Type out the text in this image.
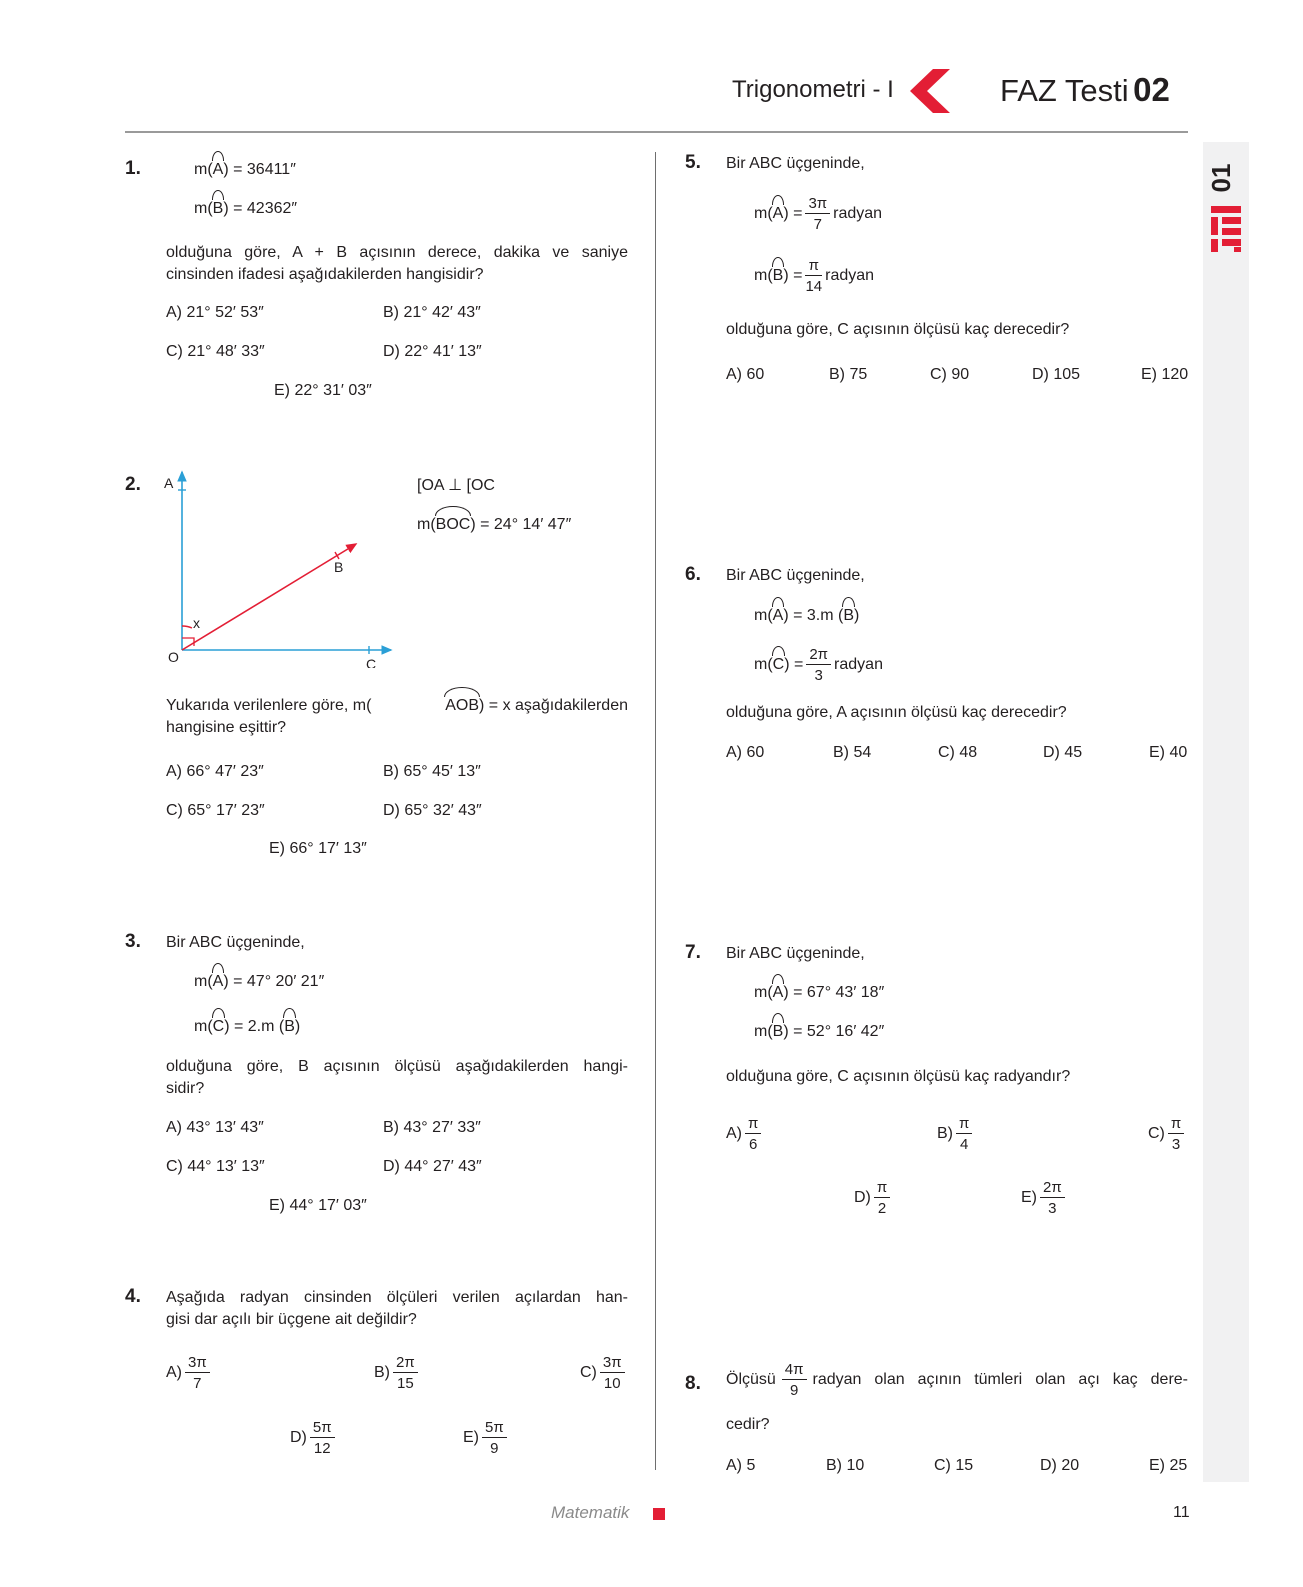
Trigonometri - I	FAZ Testi 02
01
1.	m(A) = 36411″
m(B) = 42362″
olduğuna göre, A + B açısının derece, dakika ve saniye
cinsinden ifadesi aşağıdakilerden hangisidir?
A) 21° 52′ 53″	B) 21° 42′ 43″
C) 21° 48′ 33″	D) 22° 41′ 13″
E) 22° 31′ 03″
2. A
B
C
O
x
[OA ⊥ [OC
m(BOC) = 24° 14′ 47″
Yukarıda verilenlere göre, m(	AOB) = x aşağıdakilerden
hangisine eşittir?
A) 66° 47′ 23″	B) 65° 45′ 13″
C) 65° 17′ 23″	D) 65° 32′ 43″
E) 66° 17′ 13″
3. Bir ABC üçgeninde,
m(A) = 47° 20′ 21″
m(C) = 2.m (B)
olduğuna göre, B açısının ölçüsü aşağıdakilerden hangi-
sidir?
A) 43° 13′ 43″	B) 43° 27′ 33″
C) 44° 13′ 13″	D) 44° 27′ 43″
E) 44° 17′ 03″
4. Aşağıda radyan cinsinden ölçüleri verilen açılardan han-
gisi dar açılı bir üçgene ait değildir?
$A) \frac{3\pi}{7}$	$B) \frac{2\pi}{15}$	$C) \frac{3\pi}{10}$
$D) \frac{5\pi}{12}$	$E) \frac{5\pi}{9}$
5. Bir ABC üçgeninde,
$m(A) = \frac{3\pi}{7}$ radyan
$m(B) = \frac{\pi}{14}$ radyan
olduğuna göre, C açısının ölçüsü kaç derecedir?
A) 60	B) 75	C) 90	D) 105	E) 120
6. Bir ABC üçgeninde,
m(A) = 3.m (B)
$m(C) = \frac{2\pi}{3}$ radyan
olduğuna göre, A açısının ölçüsü kaç derecedir?
A) 60	B) 54	C) 48	D) 45	E) 40
7. Bir ABC üçgeninde,
m(A) = 67° 43′ 18″
m(B) = 52° 16′ 42″
olduğuna göre, C açısının ölçüsü kaç radyandır?
$A) \frac{\pi}{6}$	$B) \frac{\pi}{4}$	$C) \frac{\pi}{3}$
$D) \frac{\pi}{2}$	$E) \frac{2\pi}{3}$
8. Ölçüsü $\frac{4\pi}{9}$ radyan olan açının tümleri olan açı kaç dere-
cedir?
A) 5	B) 10	C) 15	D) 20	E) 25
Matematik	11
